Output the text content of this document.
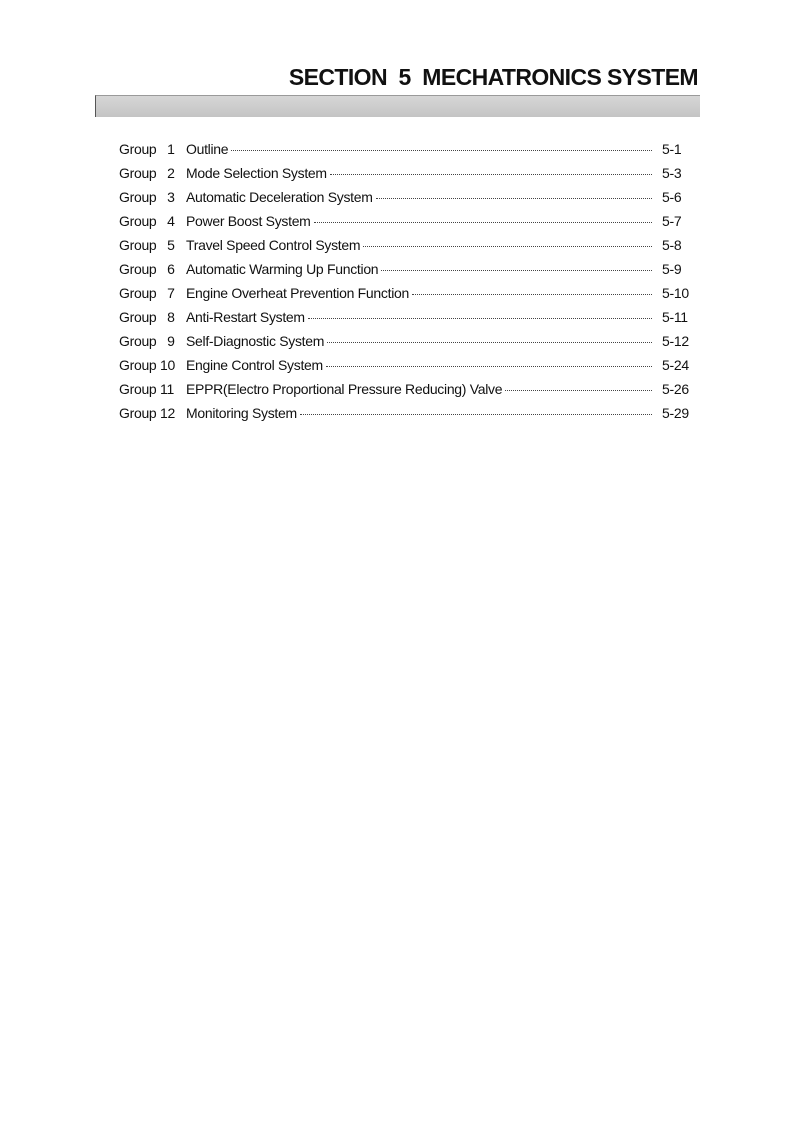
SECTION  5  MECHATRONICS SYSTEM
Group   1 Outline	5-1
Group   2 Mode Selection System	5-3
Group   3 Automatic Deceleration System	5-6
Group   4 Power Boost System	5-7
Group   5 Travel Speed Control System	5-8
Group   6 Automatic Warming Up Function	5-9
Group   7 Engine Overheat Prevention Function	5-10
Group   8 Anti-Restart System	5-11
Group   9 Self-Diagnostic System	5-12
Group 10 Engine Control System	5-24
Group 11 EPPR(Electro Proportional Pressure Reducing) Valve	5-26
Group 12 Monitoring System	5-29
